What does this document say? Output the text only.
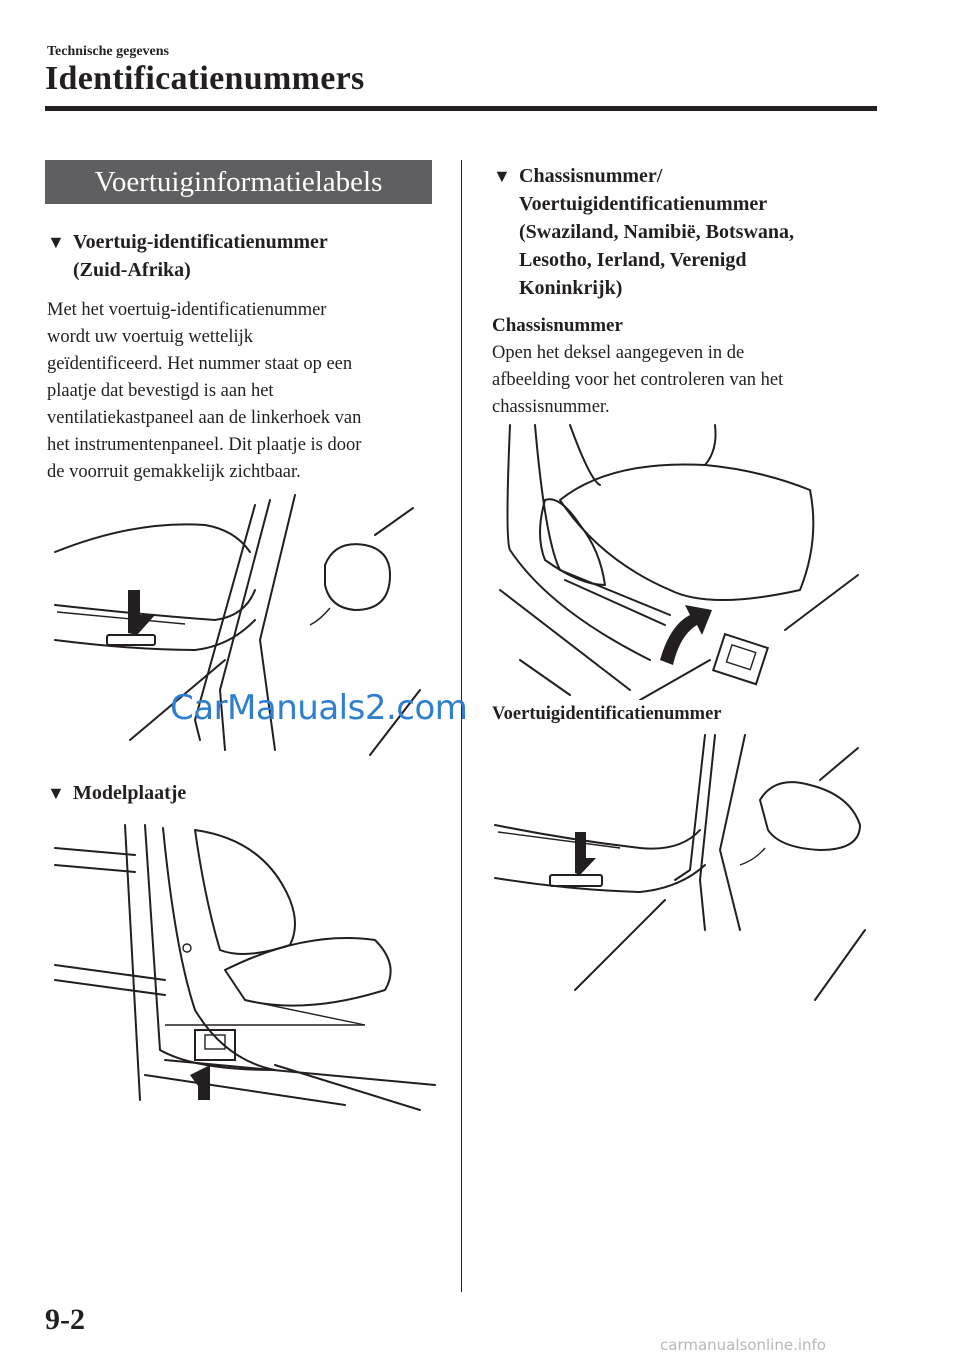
Technische gegevens
Identificatienummers
Voertuiginformatielabels
▼ Voertuig-identificatienummer
(Zuid-Afrika)
Met het voertuig-identificatienummer
wordt uw voertuig wettelijk
geïdentificeerd. Het nummer staat op een
plaatje dat bevestigd is aan het
ventilatiekastpaneel aan de linkerhoek van
het instrumentenpaneel. Dit plaatje is door
de voorruit gemakkelijk zichtbaar.
CarManuals2.com
▼ Modelplaatje
▼ Chassisnummer/
Voertuigidentificatienummer
(Swaziland, Namibië, Botswana,
Lesotho, Ierland, Verenigd
Koninkrijk)
Chassisnummer
Open het deksel aangegeven in de
afbeelding voor het controleren van het
chassisnummer.
Voertuigidentificatienummer
9-2
carmanualsonline.info
